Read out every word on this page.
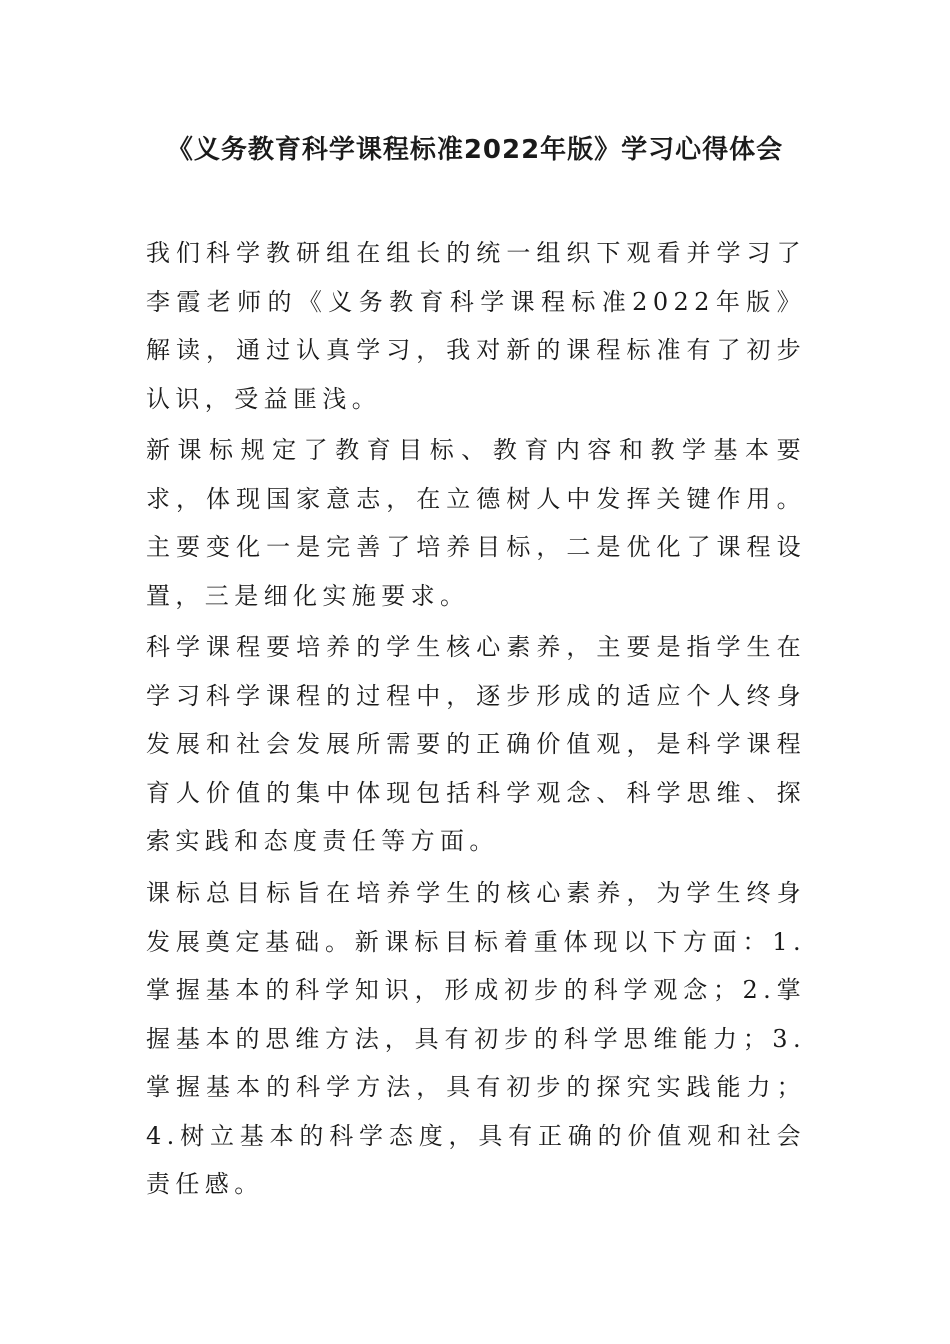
《义务教育科学课程标准2022年版》学习心得体会

我们科学教研组在组长的统一组织下观看并学习了李霞老师的《义务教育科学课程标准2022年版》解读，通过认真学习，我对新的课程标准有了初步认识，受益匪浅。

新课标规定了教育目标、教育内容和教学基本要求，体现国家意志，在立德树人中发挥关键作用。主要变化一是完善了培养目标，二是优化了课程设置，三是细化实施要求。

科学课程要培养的学生核心素养，主要是指学生在学习科学课程的过程中，逐步形成的适应个人终身发展和社会发展所需要的正确价值观，是科学课程育人价值的集中体现包括科学观念、科学思维、探索实践和态度责任等方面。

课标总目标旨在培养学生的核心素养，为学生终身发展奠定基础。新课标目标着重体现以下方面：1.掌握基本的科学知识，形成初步的科学观念；2.掌握基本的思维方法，具有初步的科学思维能力；3.掌握基本的科学方法，具有初步的探究实践能力；4.树立基本的科学态度，具有正确的价值观和社会责任感。
